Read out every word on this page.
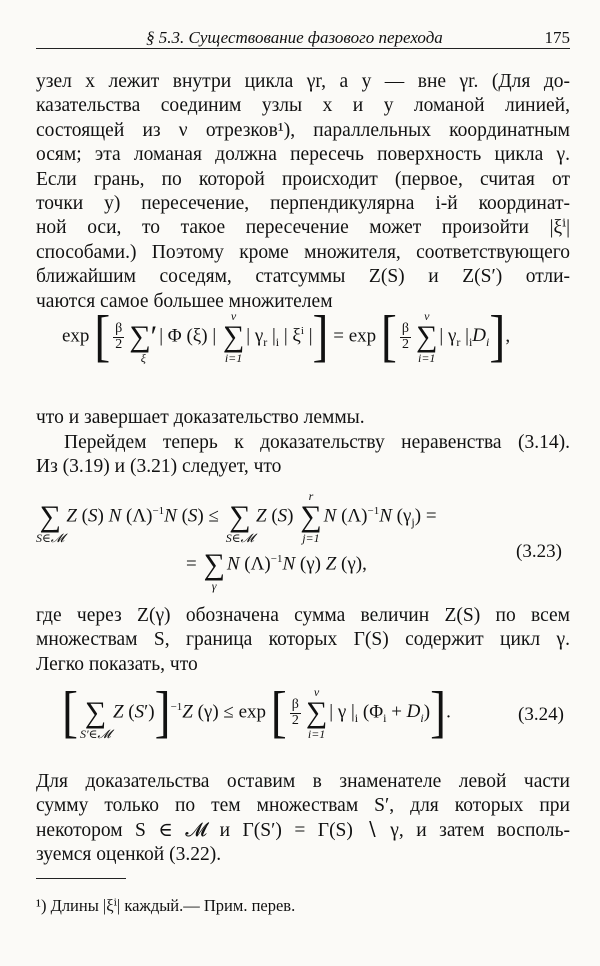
§ 5.3. Существование фазового перехода	175
узел x лежит внутри цикла γr, а y — вне γr. (Для до-
казательства соединим узлы x и y ломаной линией,
состоящей из ν отрезков¹), параллельных координатным
осям; эта ломаная должна пересечь поверхность цикла γ.
Если грань, по которой происходит (первое, считая от
точки y) пересечение, перпендикулярна i-й координат-
ной оси, то такое пересечение может произойти |ξⁱ|
способами.) Поэтому кроме множителя, соответствующего
ближайшим соседям, статсуммы Z(S) и Z(S′) отли-
чаются самое большее множителем
exp [ $\frac{\beta}{2}$
∑′
ξ
| Φ (ξ) |
ν
∑
i=1
| $\gamma_r$ $|_i$ | $\xi^i$ |] = exp [ $\frac{\beta}{2}$
ν
∑
i=1
| $\gamma_r$ $|_iD_i$],
что и завершает доказательство леммы.
Перейдем теперь к доказательству неравенства (3.14).
Из (3.19) и (3.21) следует, что

∑
S∈𝓜
Z (S) N $(\Lambda)^{-1}N$ (S) ≤
∑
S∈𝓜
Z (S)
r
∑
j=1
N $(\Lambda)^{-1}N$ $(\gamma_j)$ =
=
∑
γ
N $(\Lambda)^{-1}N$ (γ) Z (γ),
(3.23)
где через Z(γ) обозначена сумма величин Z(S) по всем
множествам S, граница которых Γ(S) содержит цикл γ.
Легко показать, что
[
∑
S′∈𝓜
Z (S′)]$^{-1}$Z (γ) ≤ exp [ $\frac{\beta}{2}$
ν
∑
i=1
| γ $|_i$ $(\Phi_i + D_i)$].	(3.24)
Для доказательства оставим в знаменателе левой части
сумму только по тем множествам S′, для которых при
некотором S ∈ 𝓜 и Γ(S′) = Γ(S) ∖ γ, и затем восполь-
зуемся оценкой (3.22).
¹) Длины |ξⁱ| каждый.— Прим. перев.
